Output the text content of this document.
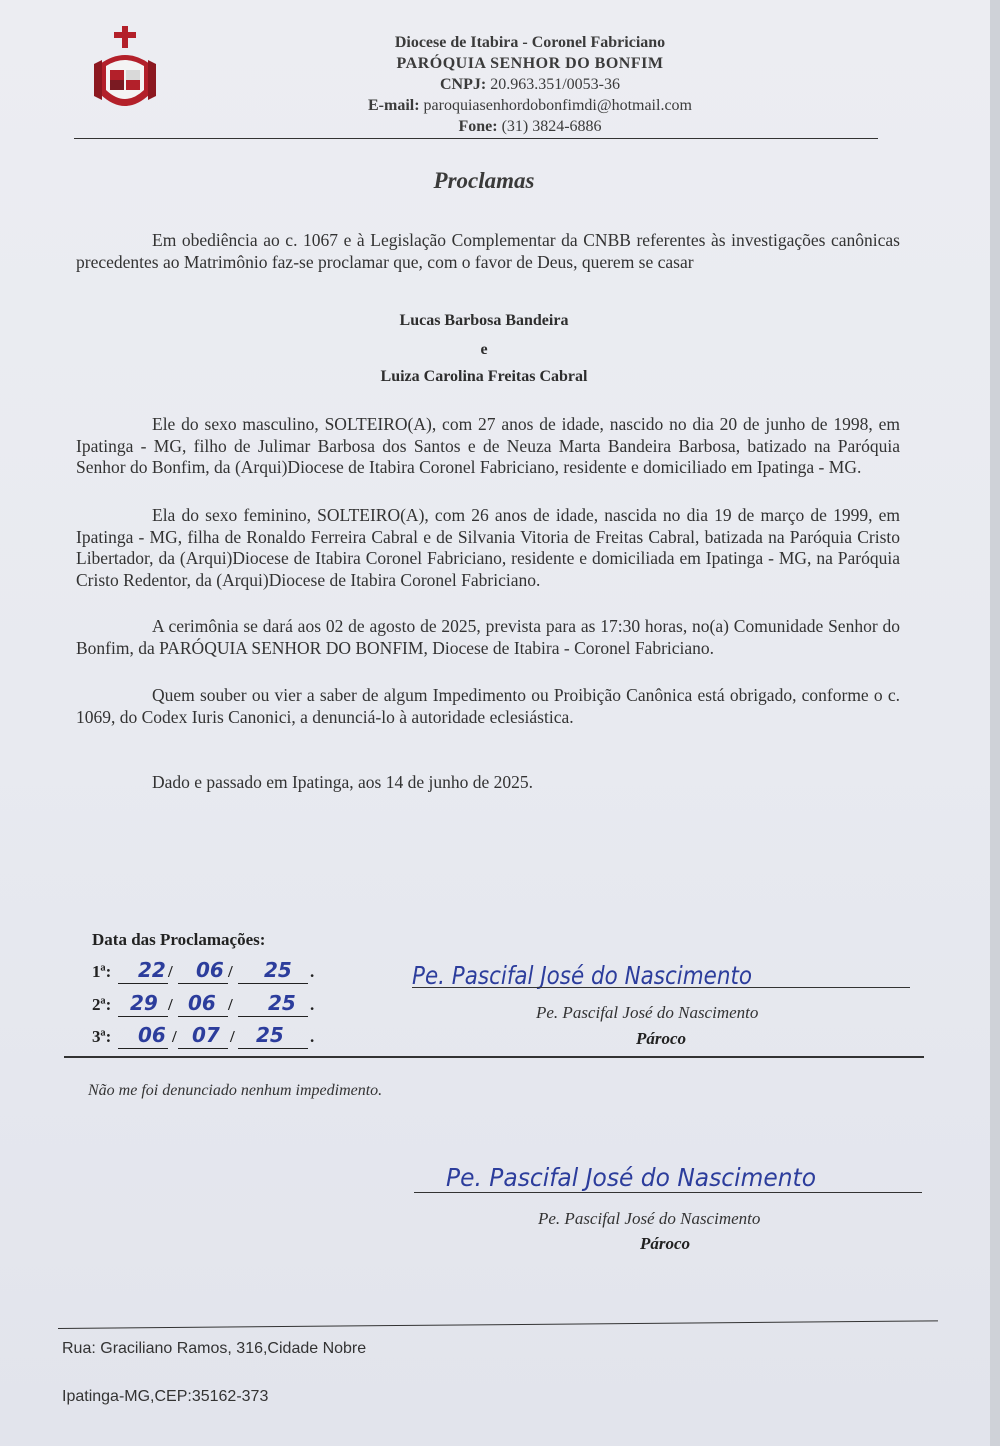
Diocese de Itabira - Coronel Fabriciano
PARÓQUIA SENHOR DO BONFIM
CNPJ: 20.963.351/0053-36
E-mail: paroquiasenhordobonfimdi@hotmail.com
Fone: (31) 3824-6886
Proclamas
Em obediência ao c. 1067 e à Legislação Complementar da CNBB referentes às investigações canônicas precedentes ao Matrimônio faz-se proclamar que, com o favor de Deus, querem se casar
Lucas Barbosa Bandeira
e
Luiza Carolina Freitas Cabral
Ele do sexo masculino, SOLTEIRO(A), com 27 anos de idade, nascido no dia 20 de junho de 1998, em Ipatinga - MG, filho de Julimar Barbosa dos Santos e de Neuza Marta Bandeira Barbosa, batizado na Paróquia Senhor do Bonfim, da (Arqui)Diocese de Itabira Coronel Fabriciano, residente e domiciliado em Ipatinga - MG.
Ela do sexo feminino, SOLTEIRO(A), com 26 anos de idade, nascida no dia 19 de março de 1999, em Ipatinga - MG, filha de Ronaldo Ferreira Cabral e de Silvania Vitoria de Freitas Cabral, batizada na Paróquia Cristo Libertador, da (Arqui)Diocese de Itabira Coronel Fabriciano, residente e domiciliada em Ipatinga - MG, na Paróquia Cristo Redentor, da (Arqui)Diocese de Itabira Coronel Fabriciano.
A cerimônia se dará aos 02 de agosto de 2025, prevista para as 17:30 horas, no(a) Comunidade Senhor do Bonfim, da PARÓQUIA SENHOR DO BONFIM, Diocese de Itabira - Coronel Fabriciano.
Quem souber ou vier a saber de algum Impedimento ou Proibição Canônica está obrigado, conforme o c. 1069, do Codex Iuris Canonici, a denunciá-lo à autoridade eclesiástica.
Dado e passado em Ipatinga, aos 14 de junho de 2025.
Data das Proclamações:
1ª: 22 / 06 / 25 .
2ª: 29 / 06 / 25 .
3ª: 06 / 07 / 25 .
Pe. Pascifal José do Nascimento
Pe. Pascifal José do Nascimento
Pároco
Não me foi denunciado nenhum impedimento.
Pe. Pascifal José do Nascimento
Pe. Pascifal José do Nascimento
Pároco
Rua: Graciliano Ramos, 316,Cidade Nobre
Ipatinga-MG,CEP:35162-373
